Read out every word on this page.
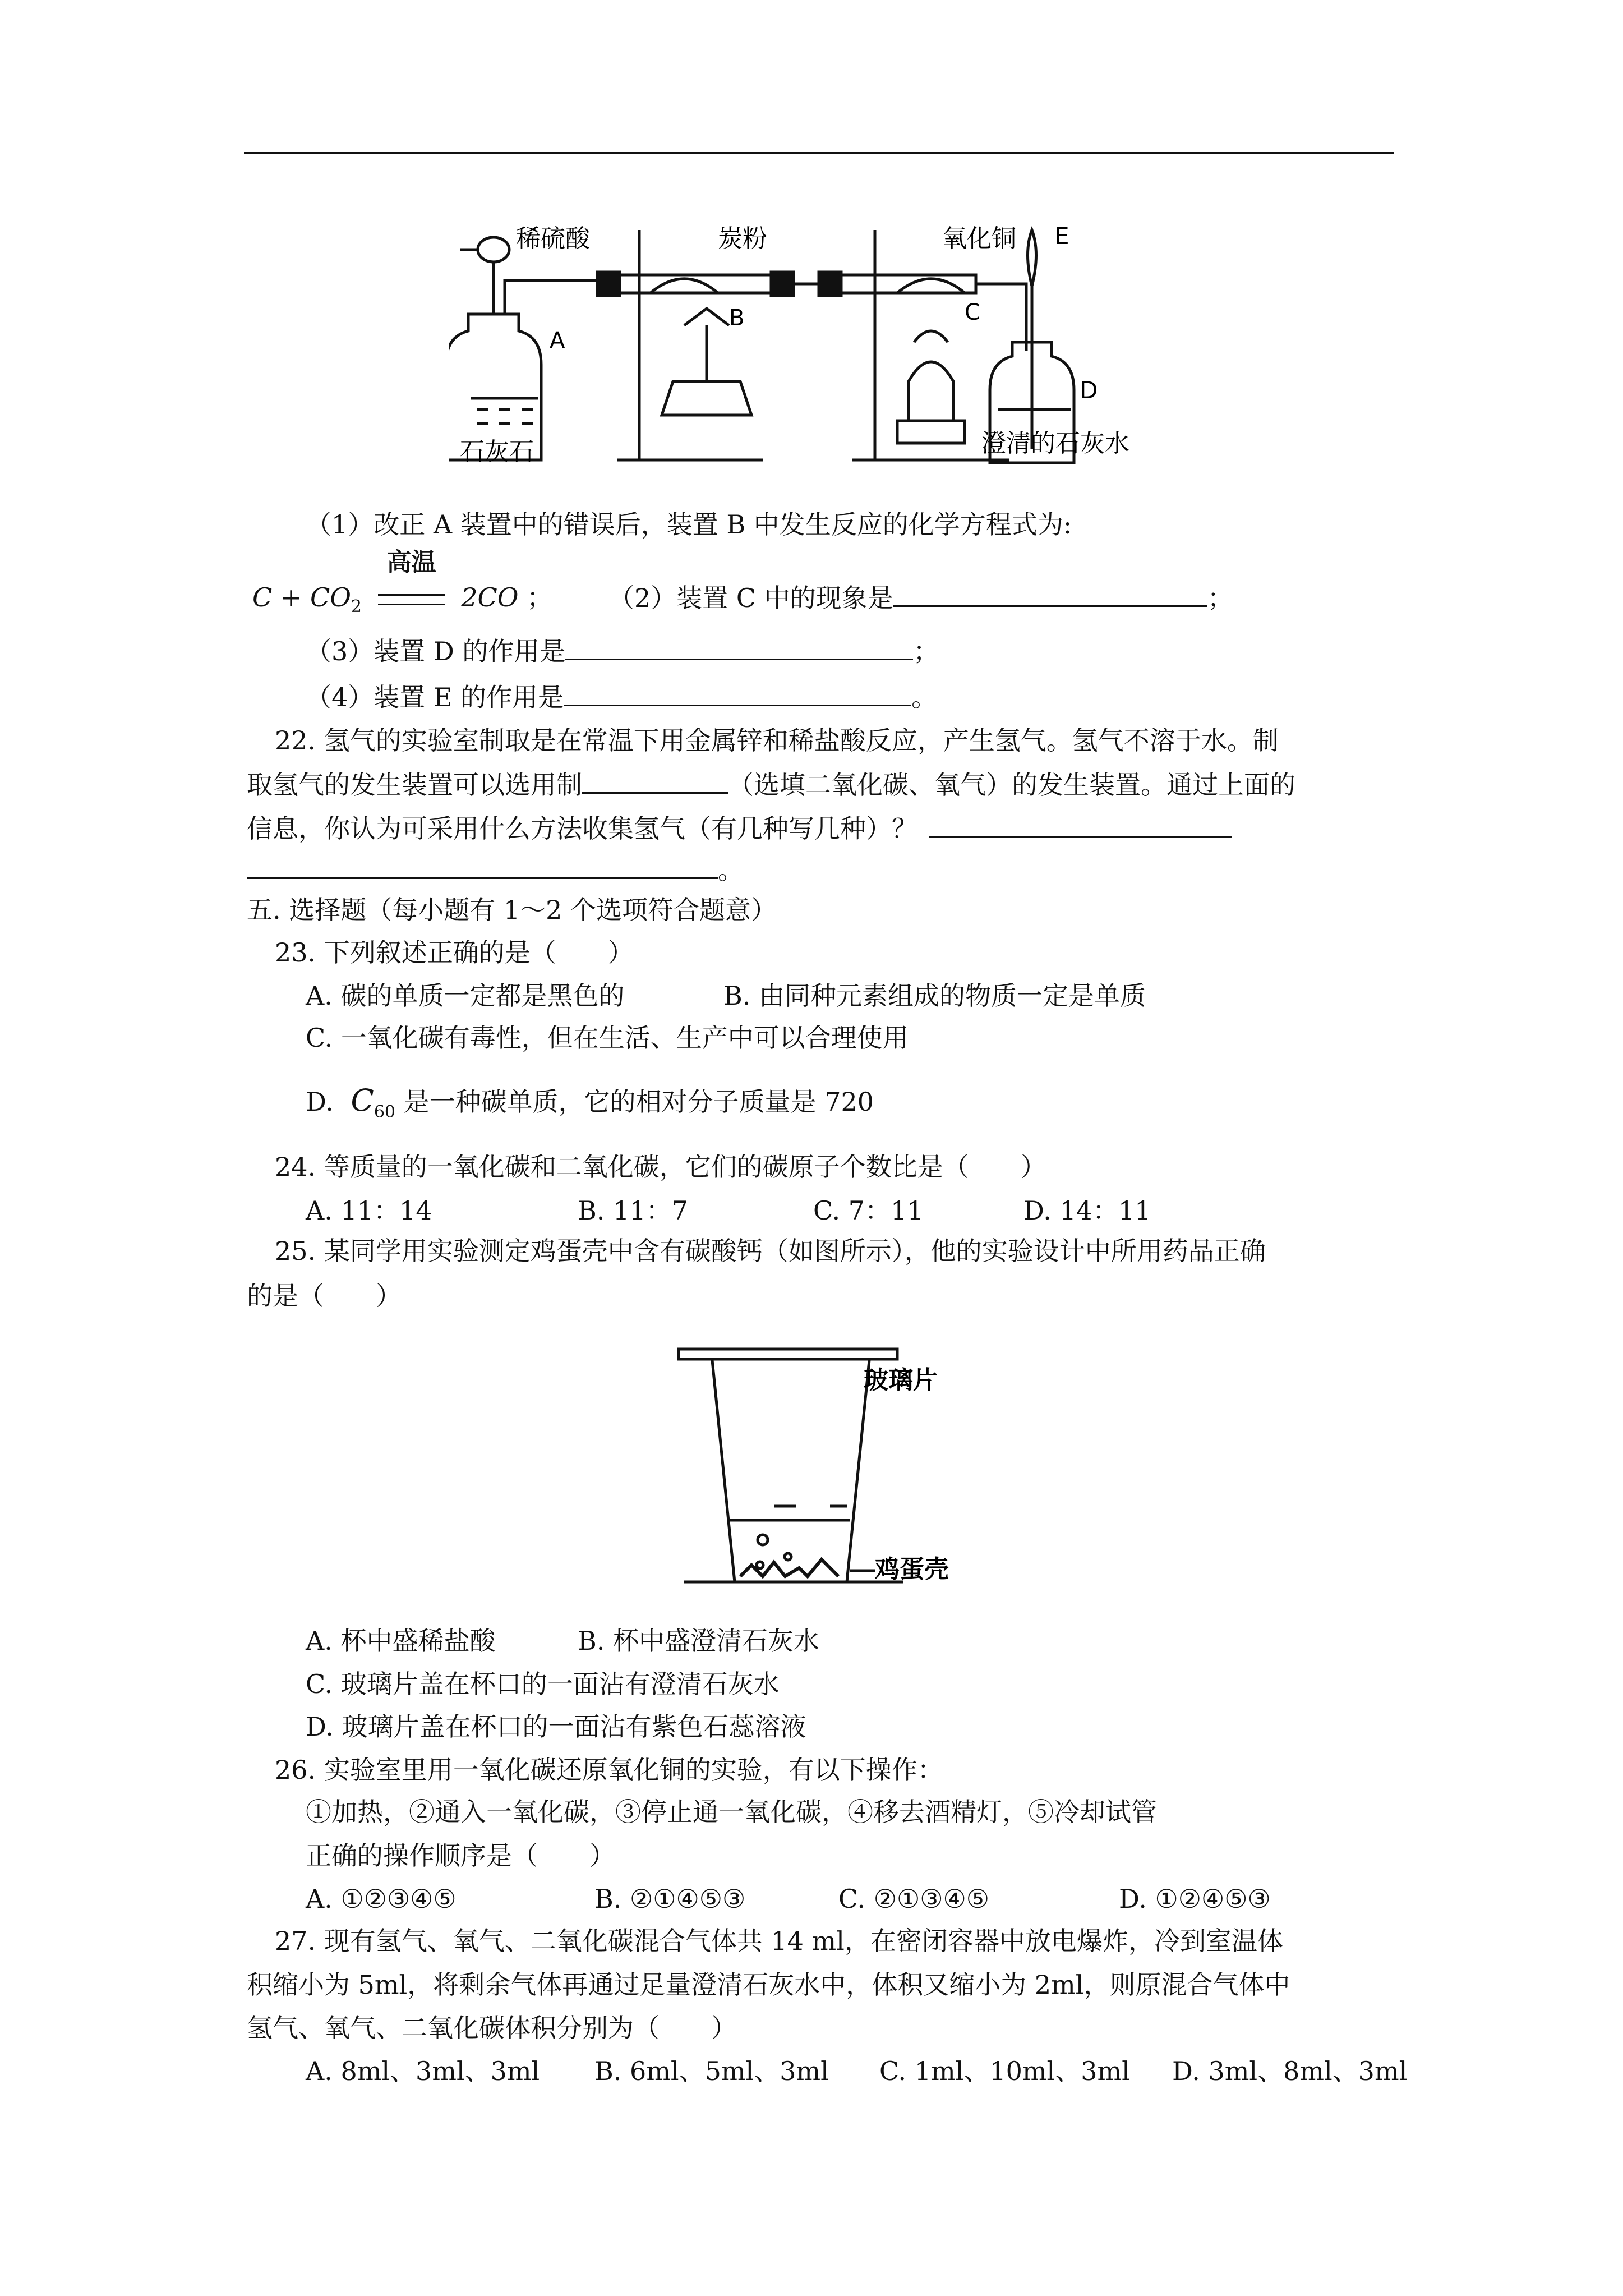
稀硫酸
A
炭粉
B
氧化铜
C
E
D
石灰石	澄清的石灰水
（1）改正 A 装置中的错误后，装置 B 中发生反应的化学方程式为:
$C + CO_2$
高温
2CO ； （2）装置 C 中的现象是	；
（3）装置 D 的作用是	；
（4）装置 E 的作用是	。
22. 氢气的实验室制取是在常温下用金属锌和稀盐酸反应，产生氢气。氢气不溶于水。制
取氢气的发生装置可以选用制	（选填二氧化碳、氧气）的发生装置。通过上面的
信息，你认为可采用什么方法收集氢气（有几种写几种）？
。
五. 选择题（每小题有 1～2 个选项符合题意）
23. 下列叙述正确的是（　　）
A. 碳的单质一定都是黑色的	B. 由同种元素组成的物质一定是单质
C. 一氧化碳有毒性，但在生活、生产中可以合理使用
D. $C_{60}$ 是一种碳单质，它的相对分子质量是 720
24. 等质量的一氧化碳和二氧化碳，它们的碳原子个数比是（　　）
A. 11：14	B. 11：7	C. 7：11	D. 14：11
25. 某同学用实验测定鸡蛋壳中含有碳酸钙（如图所示），他的实验设计中所用药品正确
的是（　　）
玻璃片
鸡蛋壳
A. 杯中盛稀盐酸	B. 杯中盛澄清石灰水
C. 玻璃片盖在杯口的一面沾有澄清石灰水
D. 玻璃片盖在杯口的一面沾有紫色石蕊溶液
26. 实验室里用一氧化碳还原氧化铜的实验，有以下操作：
①加热，②通入一氧化碳，③停止通一氧化碳，④移去酒精灯，⑤冷却试管
正确的操作顺序是（　　）
A. ①②③④⑤	B. ②①④⑤③	C. ②①③④⑤	D. ①②④⑤③
27. 现有氢气、氧气、二氧化碳混合气体共 14 ml，在密闭容器中放电爆炸，冷到室温体
积缩小为 5ml，将剩余气体再通过足量澄清石灰水中，体积又缩小为 2ml，则原混合气体中
氢气、氧气、二氧化碳体积分别为（　　）
A. 8ml、3ml、3ml B. 6ml、5ml、3ml C. 1ml、10ml、3ml D. 3ml、8ml、3ml
